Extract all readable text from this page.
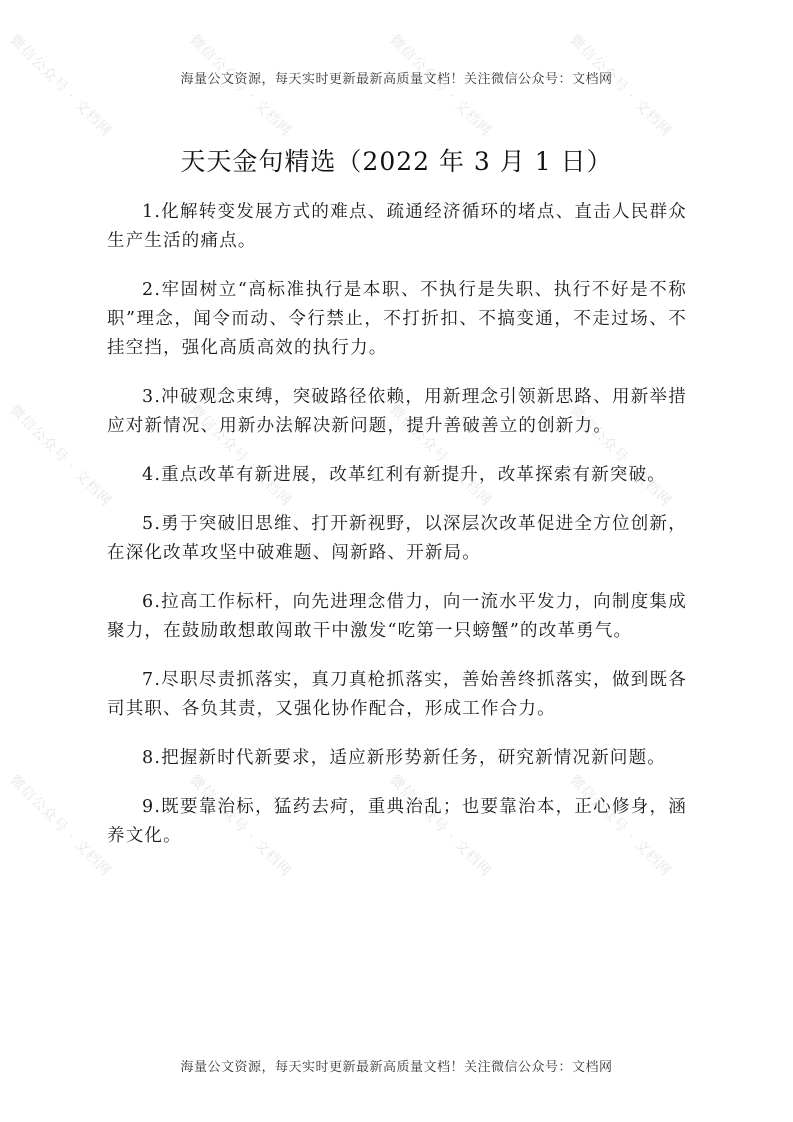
微信公众号 · 文档网	微信公众号 · 文档网	微信公众号 · 文档网	微信公众号 · 文档网
微信公众号 · 文档网	微信公众号 · 文档网	微信公众号 · 文档网	微信公众号 · 文档网
微信公众号 · 文档网	微信公众号 · 文档网	微信公众号 · 文档网	微信公众号 · 文档网
海量公文资源，每天实时更新最新高质量文档！关注微信公众号：文档网
天天金句精选（2022 年 3 月 1 日）

1.化解转变发展方式的难点、疏通经济循环的堵点、直击人民群众生产生活的痛点。

2.牢固树立“高标准执行是本职、不执行是失职、执行不好是不称职”理念，闻令而动、令行禁止，不打折扣、不搞变通，不走过场、不挂空挡，强化高质高效的执行力。

3.冲破观念束缚，突破路径依赖，用新理念引领新思路、用新举措应对新情况、用新办法解决新问题，提升善破善立的创新力。

4.重点改革有新进展，改革红利有新提升，改革探索有新突破。

5.勇于突破旧思维、打开新视野，以深层次改革促进全方位创新，在深化改革攻坚中破难题、闯新路、开新局。

6.拉高工作标杆，向先进理念借力，向一流水平发力，向制度集成聚力，在鼓励敢想敢闯敢干中激发“吃第一只螃蟹”的改革勇气。

7.尽职尽责抓落实，真刀真枪抓落实，善始善终抓落实，做到既各司其职、各负其责，又强化协作配合，形成工作合力。

8.把握新时代新要求，适应新形势新任务，研究新情况新问题。

9.既要靠治标，猛药去疴，重典治乱；也要靠治本，正心修身，涵养文化。

海量公文资源，每天实时更新最新高质量文档！关注微信公众号：文档网
